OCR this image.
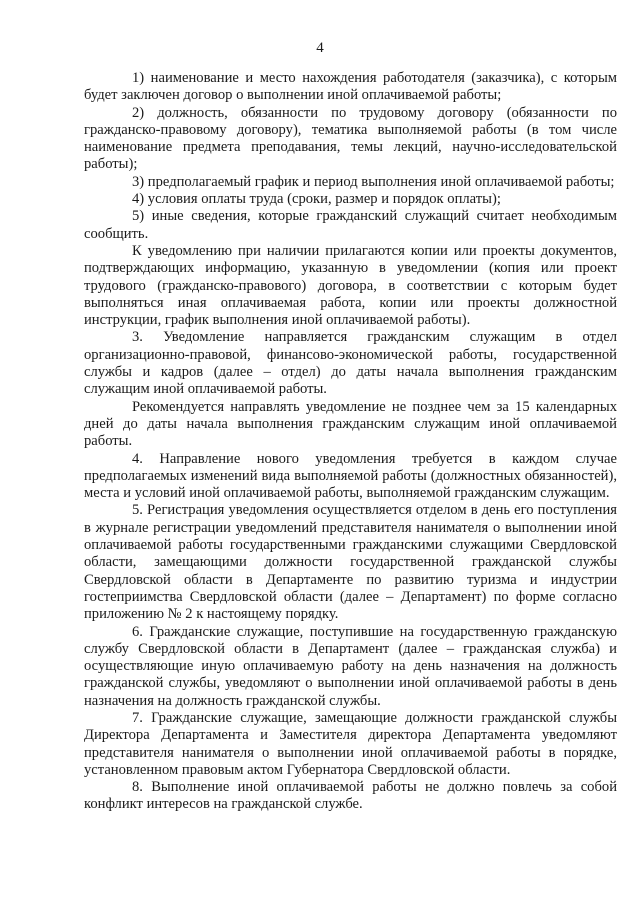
4

1) наименование и место нахождения работодателя (заказчика), с которым будет заключен договор о выполнении иной оплачиваемой работы;

2) должность, обязанности по трудовому договору (обязанности по гражданско-правовому договору), тематика выполняемой работы (в том числе наименование предмета преподавания, темы лекций, научно-исследовательской работы);

3) предполагаемый график и период выполнения иной оплачиваемой работы;

4) условия оплаты труда (сроки, размер и порядок оплаты);

5) иные сведения, которые гражданский служащий считает необходимым сообщить.

К уведомлению при наличии прилагаются копии или проекты документов, подтверждающих информацию, указанную в уведомлении (копия или проект трудового (гражданско-правового) договора, в соответствии с которым будет выполняться иная оплачиваемая работа, копии или проекты должностной инструкции, график выполнения иной оплачиваемой работы).

3. Уведомление направляется гражданским служащим в отдел организационно-правовой, финансово-экономической работы, государственной службы и кадров (далее – отдел) до даты начала выполнения гражданским служащим иной оплачиваемой работы.

Рекомендуется направлять уведомление не позднее чем за 15 календарных дней до даты начала выполнения гражданским служащим иной оплачиваемой работы.

4. Направление нового уведомления требуется в каждом случае предполагаемых изменений вида выполняемой работы (должностных обязанностей), места и условий иной оплачиваемой работы, выполняемой гражданским служащим.

5. Регистрация уведомления осуществляется отделом в день его поступления в журнале регистрации уведомлений представителя нанимателя о выполнении иной оплачиваемой работы государственными гражданскими служащими Свердловской области, замещающими должности государственной гражданской службы Свердловской области в Департаменте по развитию туризма и индустрии гостеприимства Свердловской области (далее – Департамент) по форме согласно приложению № 2 к настоящему порядку.

6. Гражданские служащие, поступившие на государственную гражданскую службу Свердловской области в Департамент (далее – гражданская служба) и осуществляющие иную оплачиваемую работу на день назначения на должность гражданской службы, уведомляют о выполнении иной оплачиваемой работы в день назначения на должность гражданской службы.

7. Гражданские служащие, замещающие должности гражданской службы Директора Департамента и Заместителя директора Департамента уведомляют представителя нанимателя о выполнении иной оплачиваемой работы в порядке, установленном правовым актом Губернатора Свердловской области.

8. Выполнение иной оплачиваемой работы не должно повлечь за собой конфликт интересов на гражданской службе.
